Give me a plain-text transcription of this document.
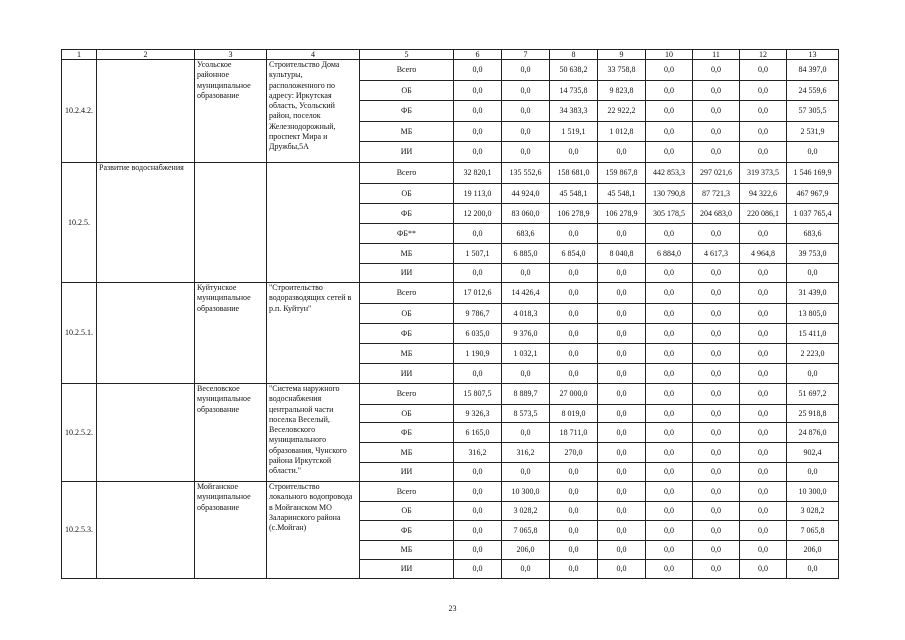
1	2	3	4	5	6	7	8	9	10	11	12	13
10.2.4.2.		Усольское районное муниципальное образование	Строительство Дома культуры, расположенного по адресу: Иркутская область, Усольский район, поселок Железнодорожный, проспект Мира и Дружбы,5А	Всего	0,0	0,0	50 638,2	33 758,8	0,0	0,0	0,0	84 397,0
				ОБ	0,0	0,0	14 735,8	9 823,8	0,0	0,0	0,0	24 559,6
				ФБ	0,0	0,0	34 383,3	22 922,2	0,0	0,0	0,0	57 305,5
				МБ	0,0	0,0	1 519,1	1 012,8	0,0	0,0	0,0	2 531,9
				ИИ	0,0	0,0	0,0	0,0	0,0	0,0	0,0	0,0
10.2.5.	Развитие водоснабжения			Всего	32 820,1	135 552,6	158 681,0	159 867,8	442 853,3	297 021,6	319 373,5	1 546 169,9
				ОБ	19 113,0	44 924,0	45 548,1	45 548,1	130 790,8	87 721,3	94 322,6	467 967,9
				ФБ	12 200,0	83 060,0	106 278,9	106 278,9	305 178,5	204 683,0	220 086,1	1 037 765,4
				ФБ**	0,0	683,6	0,0	0,0	0,0	0,0	0,0	683,6
				МБ	1 507,1	6 885,0	6 854,0	8 040,8	6 884,0	4 617,3	4 964,8	39 753,0
				ИИ	0,0	0,0	0,0	0,0	0,0	0,0	0,0	0,0
10.2.5.1.		Куйтунское муниципальное образование	"Строительство водоразводящих сетей в р.п. Куйтун"	Всего	17 012,6	14 426,4	0,0	0,0	0,0	0,0	0,0	31 439,0
				ОБ	9 786,7	4 018,3	0,0	0,0	0,0	0,0	0,0	13 805,0
				ФБ	6 035,0	9 376,0	0,0	0,0	0,0	0,0	0,0	15 411,0
				МБ	1 190,9	1 032,1	0,0	0,0	0,0	0,0	0,0	2 223,0
				ИИ	0,0	0,0	0,0	0,0	0,0	0,0	0,0	0,0
10.2.5.2.		Веселовское муниципальное образование	"Система наружного водоснабжения центральной части поселка Веселый, Веселовского муниципального образования, Чунского района Иркутской области."	Всего	15 807,5	8 889,7	27 000,0	0,0	0,0	0,0	0,0	51 697,2
				ОБ	9 326,3	8 573,5	8 019,0	0,0	0,0	0,0	0,0	25 918,8
				ФБ	6 165,0	0,0	18 711,0	0,0	0,0	0,0	0,0	24 876,0
				МБ	316,2	316,2	270,0	0,0	0,0	0,0	0,0	902,4
				ИИ	0,0	0,0	0,0	0,0	0,0	0,0	0,0	0,0
10.2.5.3.		Мойганское муниципальное образование	Строительство локального водопровода в Мойганском МО Заларинского района (с.Мойган)	Всего	0,0	10 300,0	0,0	0,0	0,0	0,0	0,0	10 300,0
				ОБ	0,0	3 028,2	0,0	0,0	0,0	0,0	0,0	3 028,2
				ФБ	0,0	7 065,8	0,0	0,0	0,0	0,0	0,0	7 065,8
				МБ	0,0	206,0	0,0	0,0	0,0	0,0	0,0	206,0
				ИИ	0,0	0,0	0,0	0,0	0,0	0,0	0,0	0,0
23
